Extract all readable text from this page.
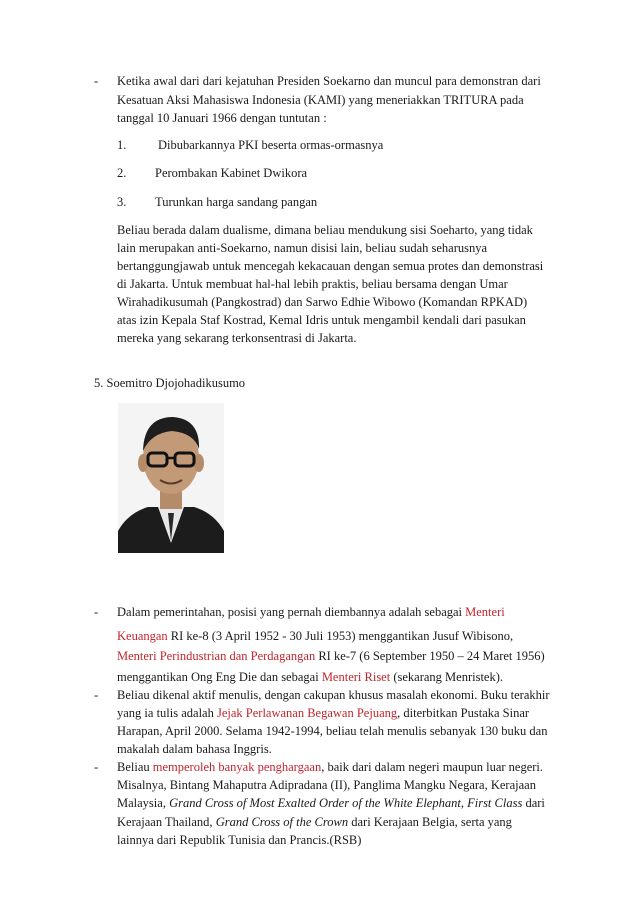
- Ketika awal dari dari kejatuhan Presiden Soekarno dan muncul para demonstran dari
Kesatuan Aksi Mahasiswa Indonesia (KAMI) yang meneriakkan TRITURA pada
tanggal 10 Januari 1966 dengan tuntutan :
1.	Dibubarkannya PKI beserta ormas-ormasnya
2. Perombakan Kabinet Dwikora
3. Turunkan harga sandang pangan
Beliau berada dalam dualisme, dimana beliau mendukung sisi Soeharto, yang tidak
lain merupakan anti-Soekarno, namun disisi lain, beliau sudah seharusnya
bertanggungjawab untuk mencegah kekacauan dengan semua protes dan demonstrasi
di Jakarta. Untuk membuat hal-hal lebih praktis, beliau bersama dengan Umar
Wirahadikusumah (Pangkostrad) dan Sarwo Edhie Wibowo (Komandan RPKAD)
atas izin Kepala Staf Kostrad, Kemal Idris untuk mengambil kendali dari pasukan
mereka yang sekarang terkonsentrasi di Jakarta.
5. Soemitro Djojohadikusumo
- Dalam pemerintahan, posisi yang pernah diembannya adalah sebagai Menteri
Keuangan RI ke-8 (3 April 1952 - 30 Juli 1953) menggantikan Jusuf Wibisono,
Menteri Perindustrian dan Perdagangan RI ke-7 (6 September 1950 – 24 Maret 1956)
menggantikan Ong Eng Die dan sebagai Menteri Riset (sekarang Menristek).
- Beliau dikenal aktif menulis, dengan cakupan khusus masalah ekonomi. Buku terakhir
yang ia tulis adalah Jejak Perlawanan Begawan Pejuang, diterbitkan Pustaka Sinar
Harapan, April 2000. Selama 1942-1994, beliau telah menulis sebanyak 130 buku dan
makalah dalam bahasa Inggris.
- Beliau memperoleh banyak penghargaan, baik dari dalam negeri maupun luar negeri.
Misalnya, Bintang Mahaputra Adipradana (II), Panglima Mangku Negara, Kerajaan
Malaysia, Grand Cross of Most Exalted Order of the White Elephant, First Class dari
Kerajaan Thailand, Grand Cross of the Crown dari Kerajaan Belgia, serta yang
lainnya dari Republik Tunisia dan Prancis.(RSB)
